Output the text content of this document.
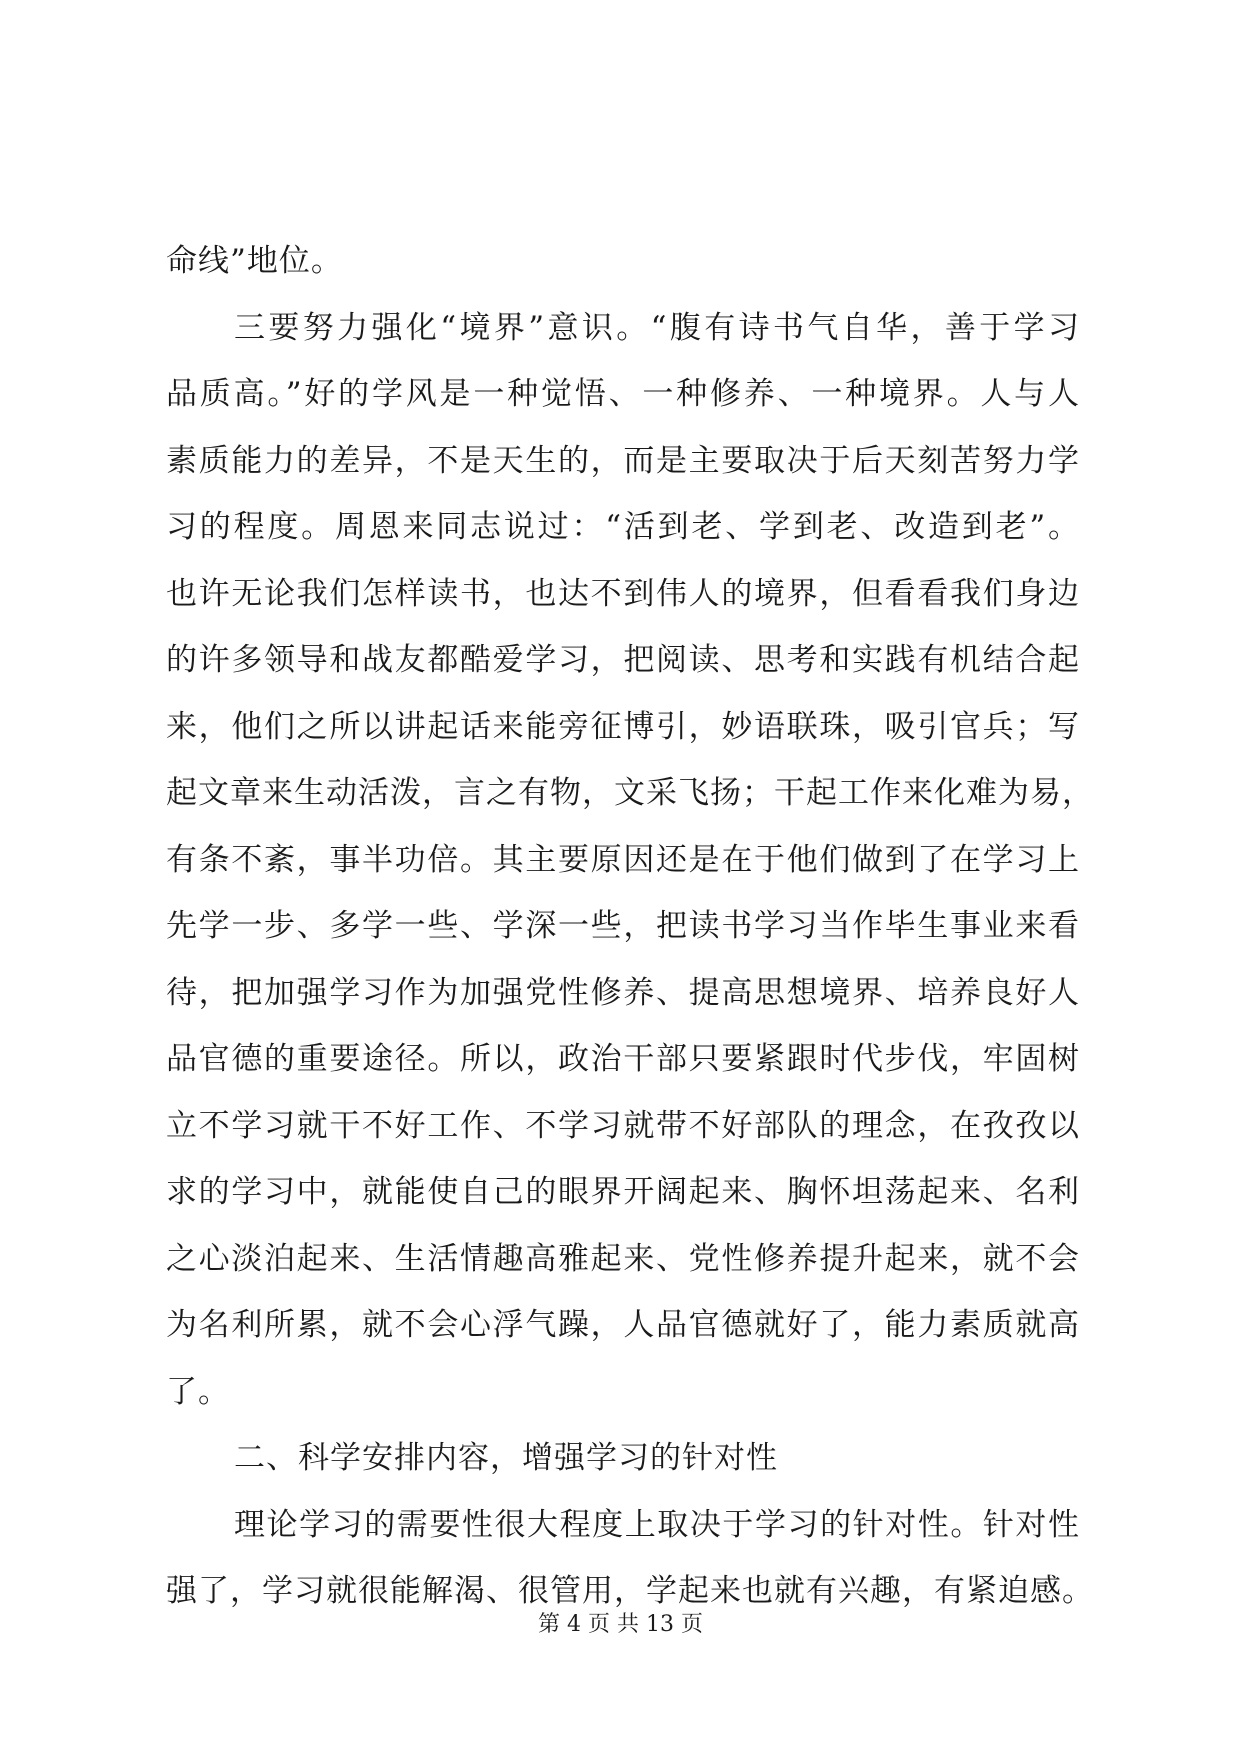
命线”地位。
三要努力强化“境界”意识。“腹有诗书气自华，善于学习
品质高。”好的学风是一种觉悟、一种修养、一种境界。人与人
素质能力的差异，不是天生的，而是主要取决于后天刻苦努力学
习的程度。周恩来同志说过：“活到老、学到老、改造到老”。
也许无论我们怎样读书，也达不到伟人的境界，但看看我们身边
的许多领导和战友都酷爱学习，把阅读、思考和实践有机结合起
来，他们之所以讲起话来能旁征博引，妙语联珠，吸引官兵；写
起文章来生动活泼，言之有物，文采飞扬；干起工作来化难为易，
有条不紊，事半功倍。其主要原因还是在于他们做到了在学习上
先学一步、多学一些、学深一些，把读书学习当作毕生事业来看
待，把加强学习作为加强党性修养、提高思想境界、培养良好人
品官德的重要途径。所以，政治干部只要紧跟时代步伐，牢固树
立不学习就干不好工作、不学习就带不好部队的理念，在孜孜以
求的学习中，就能使自己的眼界开阔起来、胸怀坦荡起来、名利
之心淡泊起来、生活情趣高雅起来、党性修养提升起来，就不会
为名利所累，就不会心浮气躁，人品官德就好了，能力素质就高
了。
二、科学安排内容，增强学习的针对性
理论学习的需要性很大程度上取决于学习的针对性。针对性
强了，学习就很能解渴、很管用，学起来也就有兴趣，有紧迫感。
第 4 页 共 13 页
